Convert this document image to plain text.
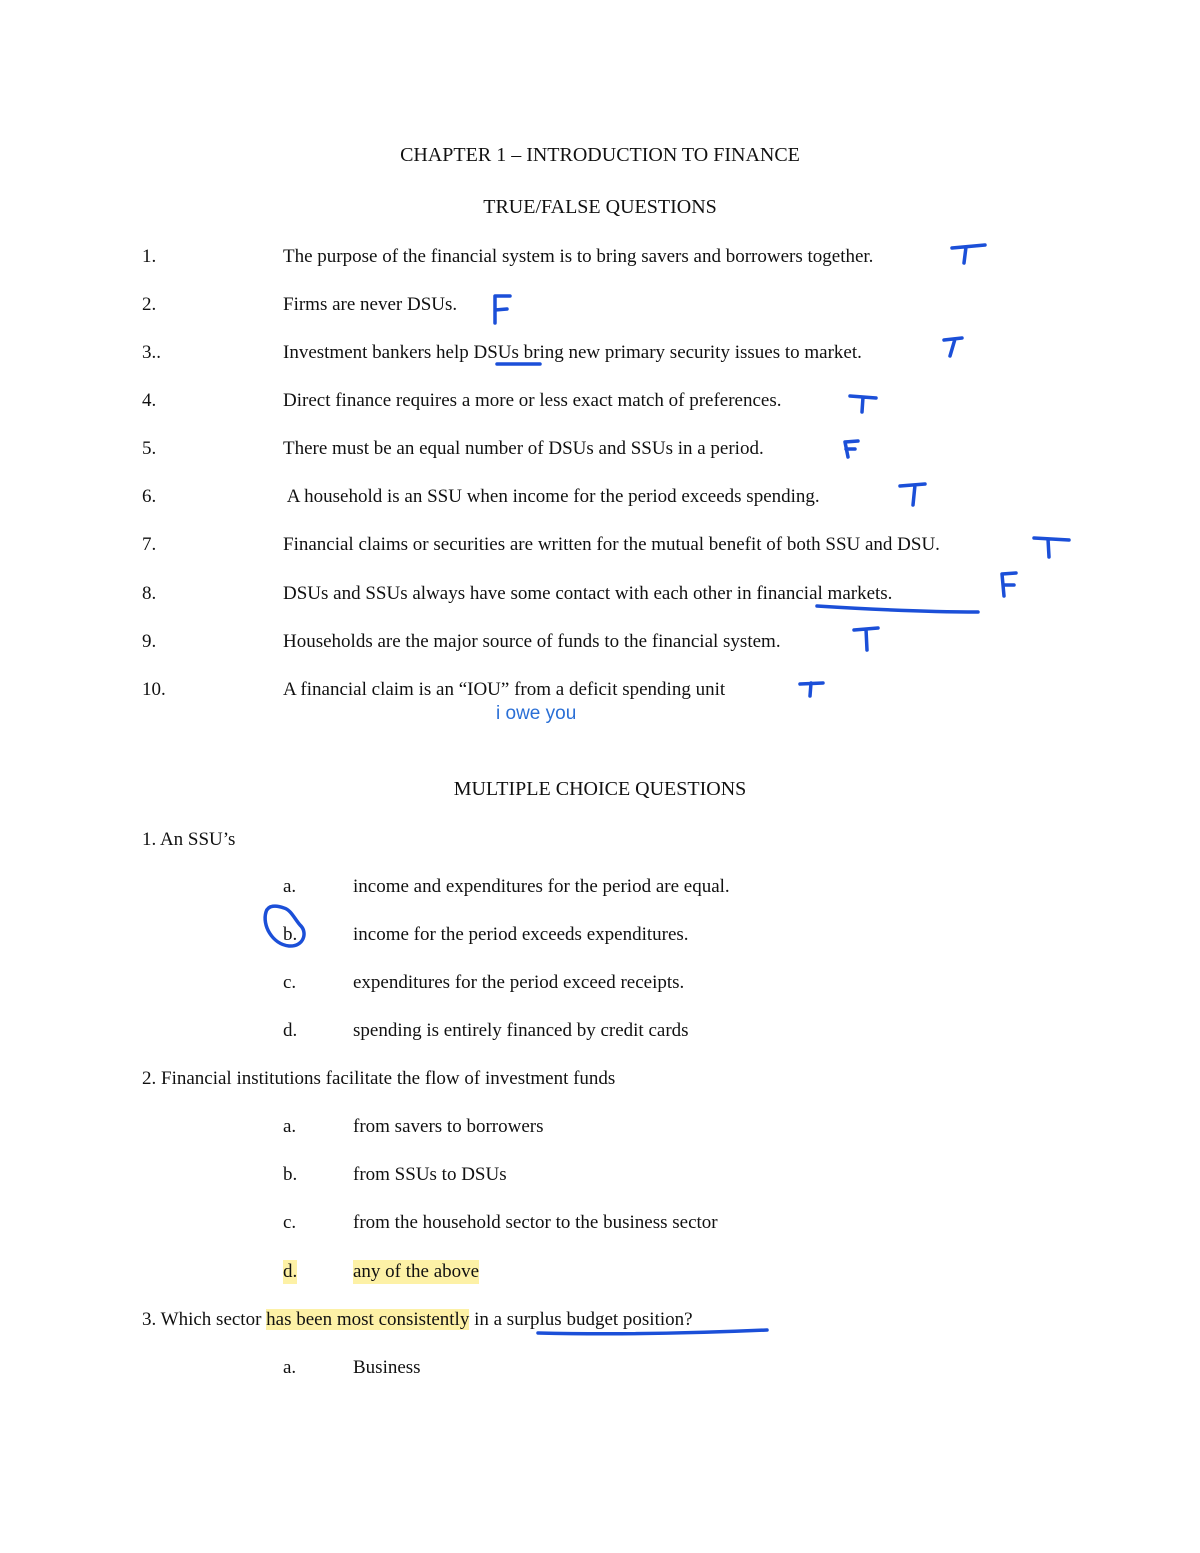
CHAPTER 1 – INTRODUCTION TO FINANCE
TRUE/FALSE QUESTIONS
1.	The purpose of the financial system is to bring savers and borrowers together.
2.	Firms are never DSUs.
3..	Investment bankers help DSUs bring new primary security issues to market.
4.	Direct finance requires a more or less exact match of preferences.
5.	There must be an equal number of DSUs and SSUs in a period.
6.	A household is an SSU when income for the period exceeds spending.
7.	Financial claims or securities are written for the mutual benefit of both SSU and DSU.
8.	DSUs and SSUs always have some contact with each other in financial markets.
9.	Households are the major source of funds to the financial system.
10.	A financial claim is an “IOU” from a deficit spending unit
i owe you
MULTIPLE CHOICE QUESTIONS
1. An SSU’s
a.	income and expenditures for the period are equal.
b.	income for the period exceeds expenditures.
c.	expenditures for the period exceed receipts.
d.	spending is entirely financed by credit cards
2. Financial institutions facilitate the flow of investment funds
a.	from savers to borrowers
b.	from SSUs to DSUs
c.	from the household sector to the business sector
d.	any of the above
3. Which sector has been most consistently in a surplus budget position?
a.	Business
